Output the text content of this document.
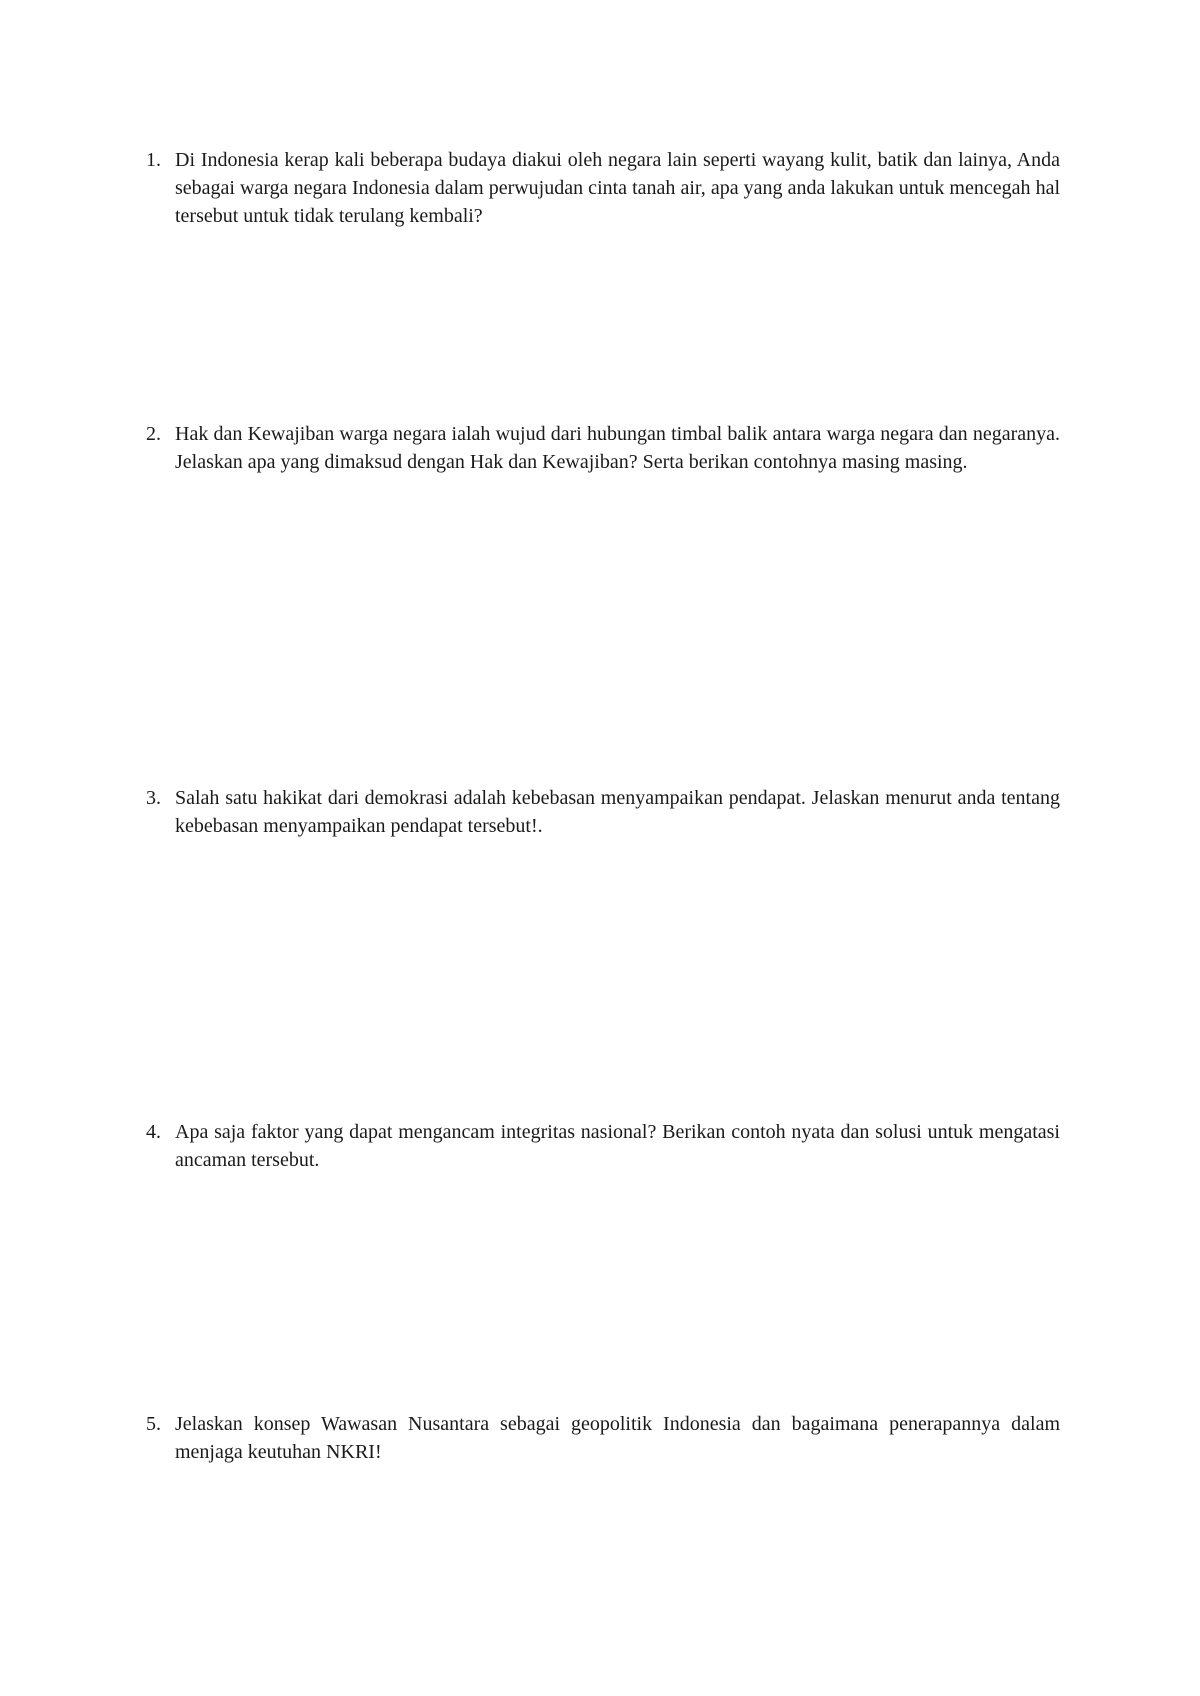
1. Di Indonesia kerap kali beberapa budaya diakui oleh negara lain seperti wayang kulit, batik dan lainya, Anda sebagai warga negara Indonesia dalam perwujudan cinta tanah air, apa yang anda lakukan untuk mencegah hal tersebut untuk tidak terulang kembali?
2. Hak dan Kewajiban warga negara ialah wujud dari hubungan timbal balik antara warga negara dan negaranya. Jelaskan apa yang dimaksud dengan Hak dan Kewajiban? Serta berikan contohnya masing masing.
3. Salah satu hakikat dari demokrasi adalah kebebasan menyampaikan pendapat. Jelaskan menurut anda tentang kebebasan menyampaikan pendapat tersebut!.
4. Apa saja faktor yang dapat mengancam integritas nasional? Berikan contoh nyata dan solusi untuk mengatasi ancaman tersebut.
5. Jelaskan konsep Wawasan Nusantara sebagai geopolitik Indonesia dan bagaimana penerapannya dalam menjaga keutuhan NKRI!
